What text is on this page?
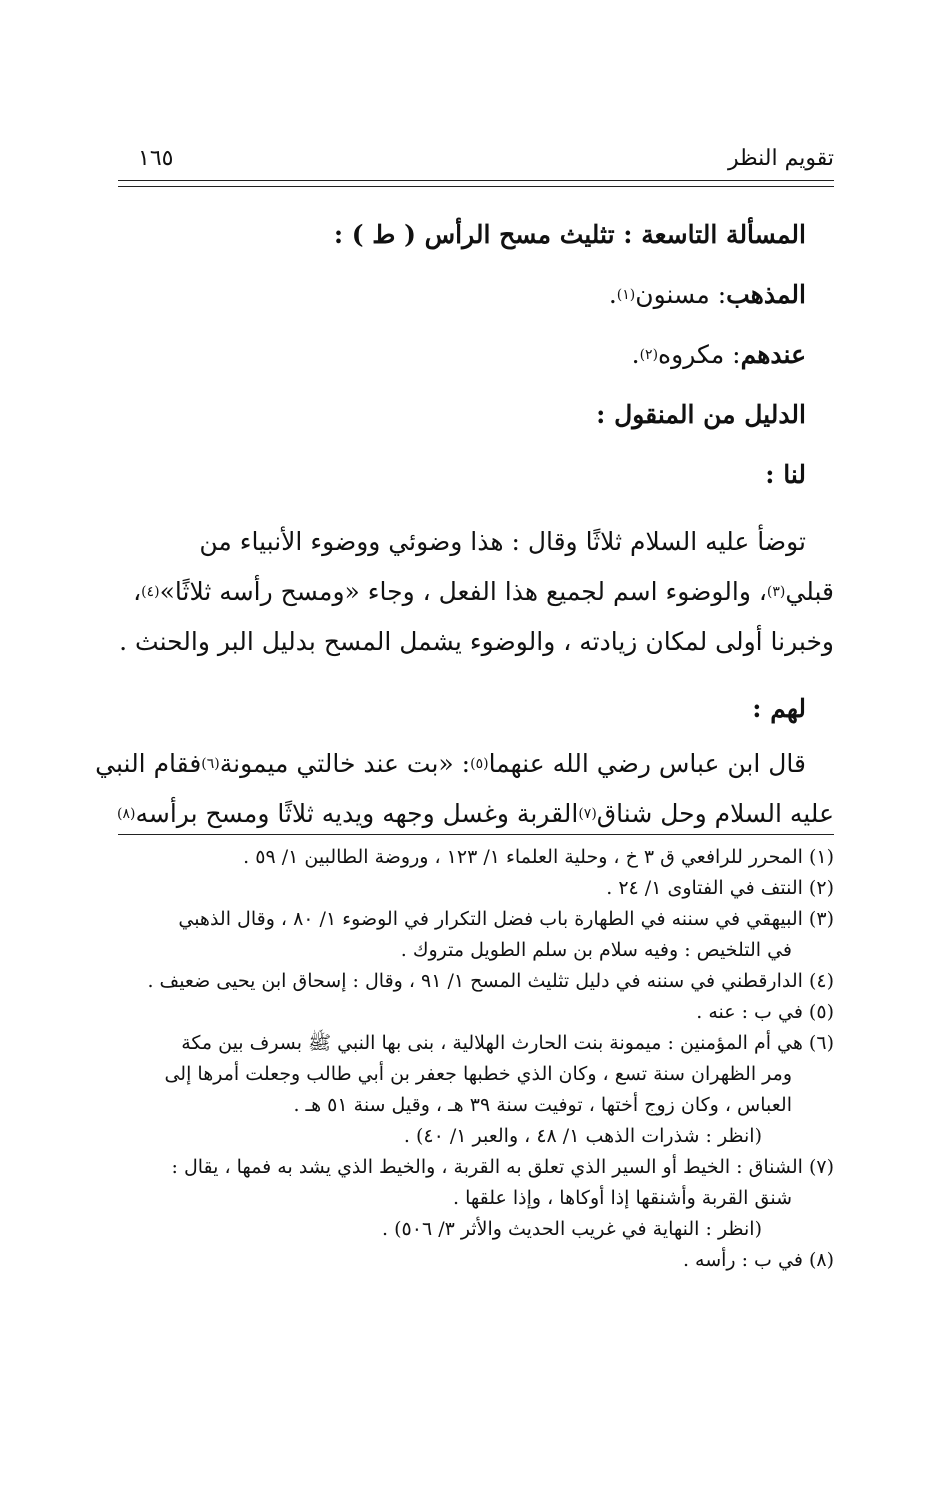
تقويم النظر
١٦٥
المسألة التاسعة : تثليث مسح الرأس ( ط ) :
المذهب
: مسنون
(١)
.
عندهم
: مكروه
(٢)
.
الدليل من المنقول :
لنا :
توضأ عليه السلام ثلاثًا وقال : هذا وضوئي ووضوء الأنبياء من
قبلي
(٣)
، والوضوء اسم لجميع هذا الفعل ، وجاء «ومسح رأسه ثلاثًا»
(٤)
،
وخبرنا أولى لمكان زيادته ، والوضوء يشمل المسح بدليل البر والحنث .
لهم :
قال ابن عباس رضي الله عنهما
(٥)
: «بت عند خالتي ميمونة
(٦)
فقام النبي
عليه السلام وحل شناق
(٧)
القربة وغسل وجهه ويديه ثلاثًا ومسح برأسه
(٨)

(١) المحرر للرافعي ق ٣ خ ، وحلية العلماء ١/ ١٢٣ ، وروضة الطالبين ١/ ٥٩ .

(٢) النتف في الفتاوى ١/ ٢٤ .

(٣) البيهقي في سننه في الطهارة باب فضل التكرار في الوضوء ١/ ٨٠ ، وقال الذهبي

في التلخيص : وفيه سلام بن سلم الطويل متروك .

(٤) الدارقطني في سننه في دليل تثليث المسح ١/ ٩١ ، وقال : إسحاق ابن يحيى ضعيف .

(٥) في ب : عنه .

(٦) هي أم المؤمنين : ميمونة بنت الحارث الهلالية ، بنى بها النبي ﷺ بسرف بين مكة

ومر الظهران سنة تسع ، وكان الذي خطبها جعفر بن أبي طالب وجعلت أمرها إلى

العباس ، وكان زوج أختها ، توفيت سنة ٣٩ هـ ، وقيل سنة ٥١ هـ .

(انظر : شذرات الذهب ١/ ٤٨ ، والعبر ١/ ٤٠) .

(٧) الشناق : الخيط أو السير الذي تعلق به القربة ، والخيط الذي يشد به فمها ، يقال :

شنق القربة وأشنقها إذا أوكاها ، وإذا علقها .

(انظر : النهاية في غريب الحديث والأثر ٣/ ٥٠٦) .

(٨) في ب : رأسه .
